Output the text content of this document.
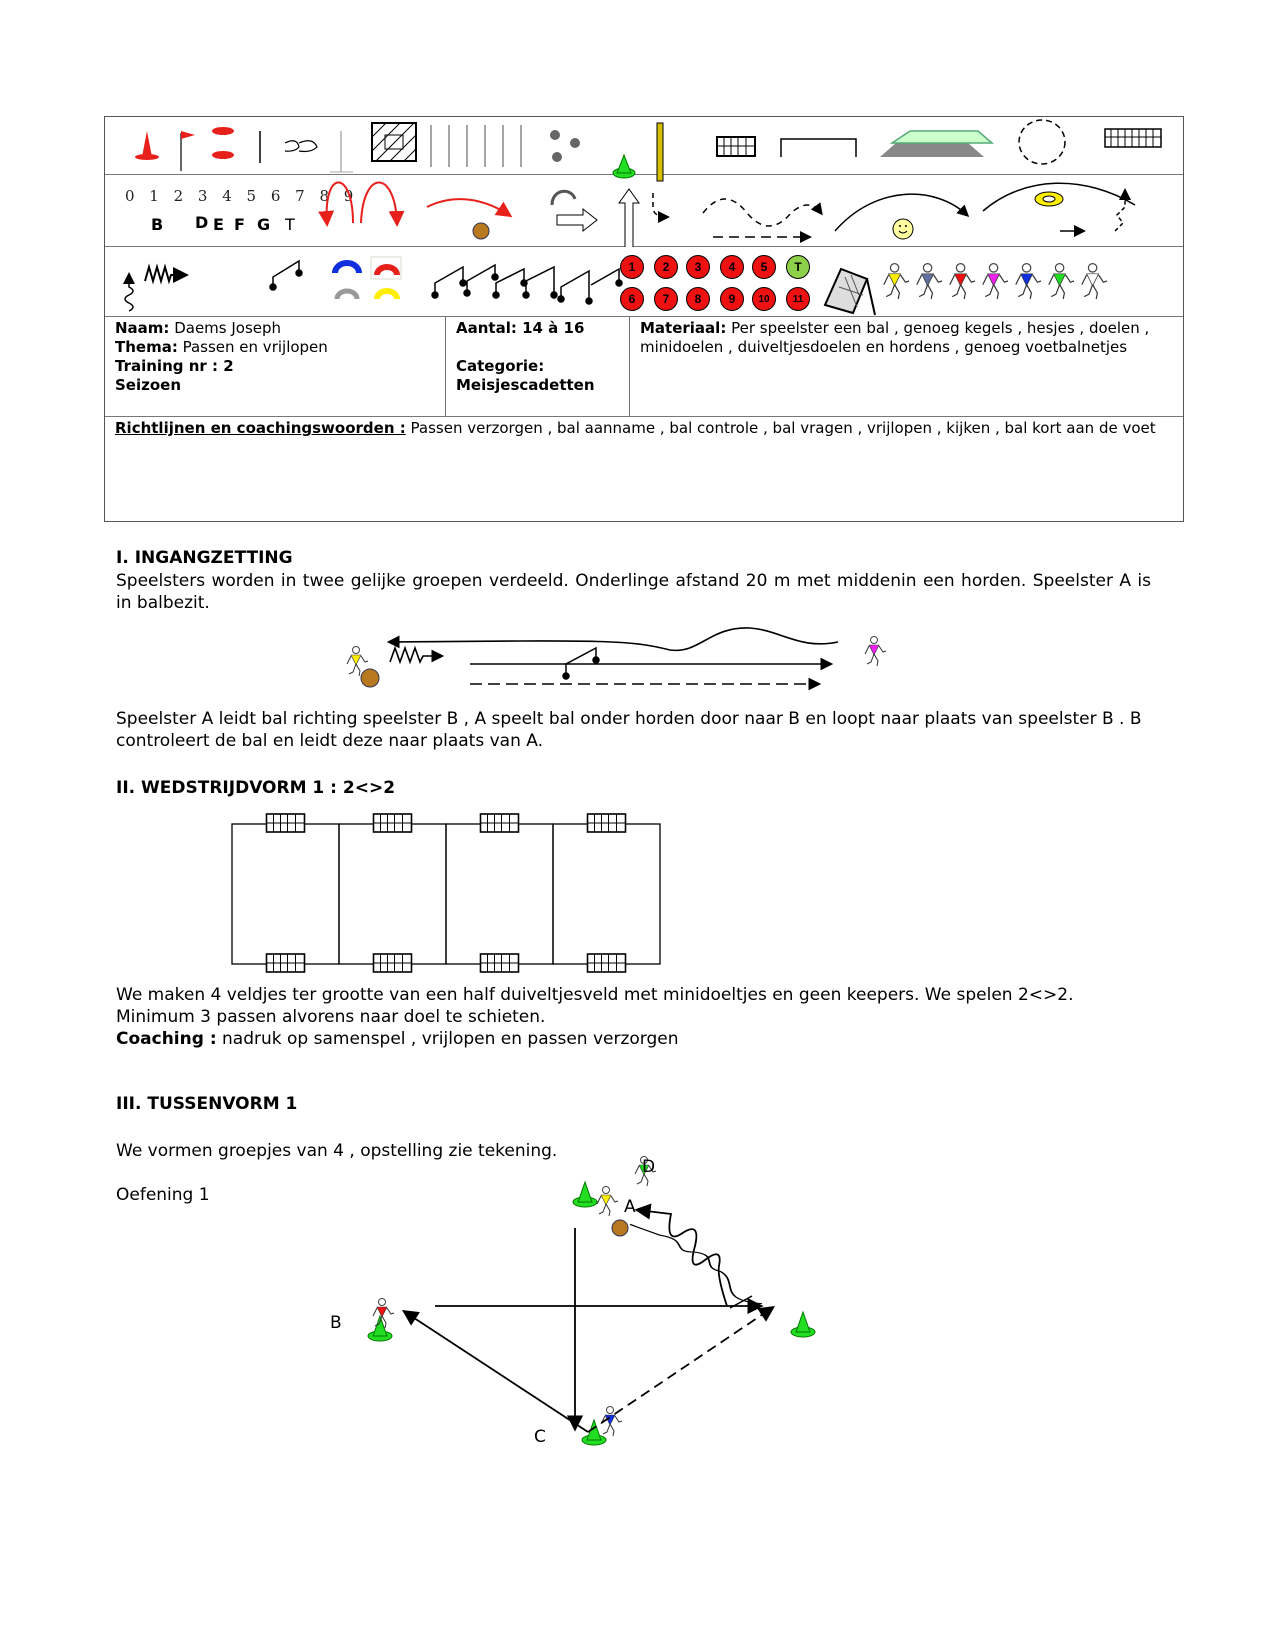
0 1 2 3 4 5 6 7 8 9
B D E F G T
1	2	3	4	5	T
6	7	8	9	10	11
Naam: Daems Joseph
Thema: Passen en vrijlopen
Training nr : 2
Seizoen
Aantal: 14 à 16

Categorie:
Meisjescadetten
Materiaal: Per speelster een bal , genoeg kegels , hesjes , doelen , minidoelen , duiveltjesdoelen en hordens , genoeg voetbalnetjes
Richtlijnen en coachingswoorden : Passen verzorgen , bal aanname , bal controle , bal vragen , vrijlopen , kijken , bal kort aan de voet
I. INGANGZETTING
Speelsters worden in twee gelijke groepen verdeeld. Onderlinge afstand 20 m met middenin een horden. Speelster A is in balbezit.
Speelster A leidt bal richting speelster B , A speelt bal onder horden door naar B en loopt naar plaats van speelster B . B controleert de bal en leidt deze naar plaats van A.
II. WEDSTRIJDVORM 1 : 2<>2
We maken 4 veldjes ter grootte van een half duiveltjesveld met minidoeltjes en geen keepers. We spelen 2<>2. Minimum 3 passen alvorens naar doel te schieten.
Coaching : nadruk op samenspel , vrijlopen en passen verzorgen
III. TUSSENVORM 1
We vormen groepjes van 4 , opstelling zie tekening.
Oefening 1
D
A
B
C
